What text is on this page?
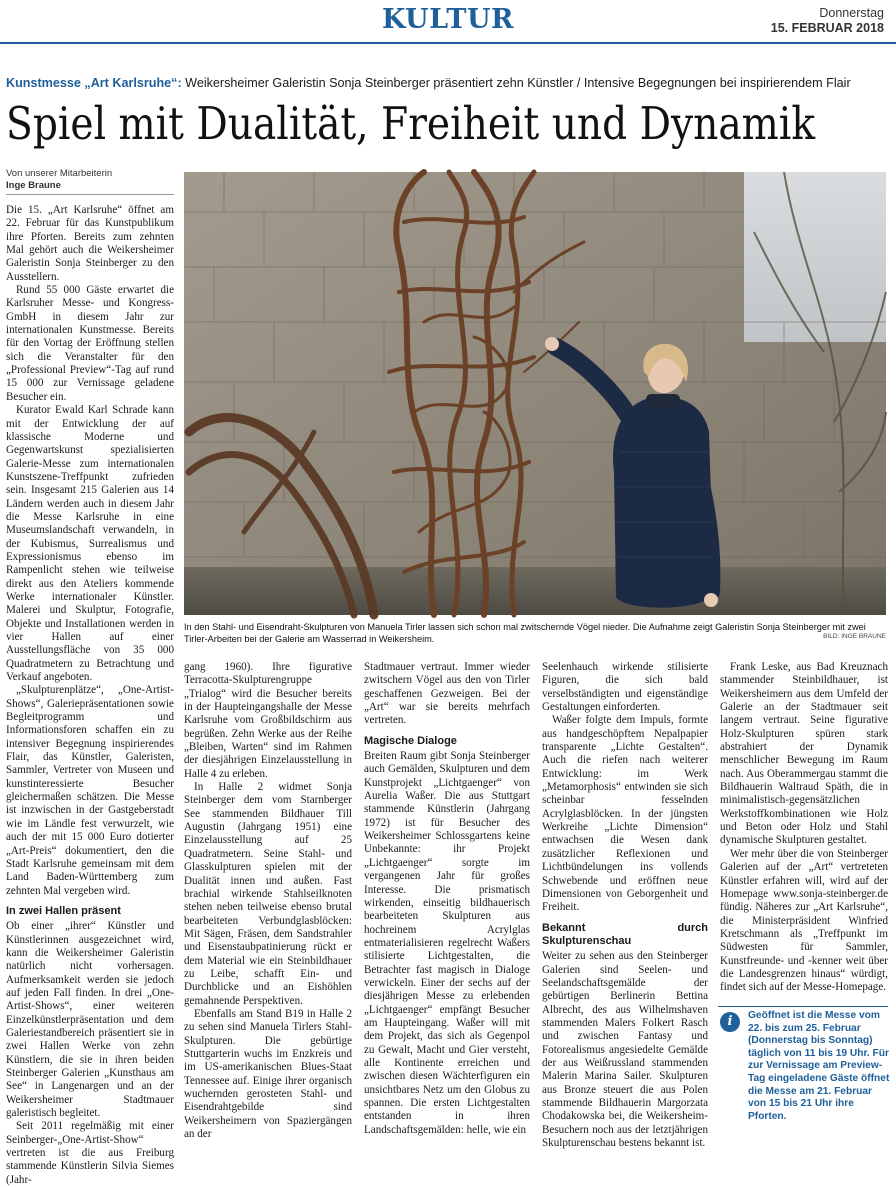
KULTUR	Donnerstag
15. FEBRUAR 2018
Kunstmesse „Art Karlsruhe“: Weikersheimer Galeristin Sonja Steinberger präsentiert zehn Künstler / Intensive Begegnungen bei inspirierendem Flair
Spiel mit Dualität, Freiheit und Dynamik
Von unserer Mitarbeiterin
Inge Braune
In den Stahl- und Eisendraht-Skulpturen von Manuela Tirler lassen sich schon mal zwitschernde Vögel nieder. Die Aufnahme zeigt Galeristin Sonja Steinberger mit zwei Tirler-Arbeiten bei der Galerie am Wasserrad in Weikersheim.	BILD: INGE BRAUNE

Die 15. „Art Karlsruhe“ öffnet am 22. Februar für das Kunstpublikum ihre Pforten. Bereits zum zehnten Mal gehört auch die Weikersheimer Galeristin Sonja Steinberger zu den Ausstellern.

Rund 55 000 Gäste erwartet die Karlsruher Messe- und Kongress-GmbH in diesem Jahr zur internationalen Kunstmesse. Bereits für den Vortag der Eröffnung stellen sich die Veranstalter für den „Professional Preview“-Tag auf rund 15 000 zur Vernissage geladene Besucher ein.

Kurator Ewald Karl Schrade kann mit der Entwicklung der auf klassische Moderne und Gegenwartskunst spezialisierten Galerie-Messe zum internationalen Kunstszene-Treffpunkt zufrieden sein. Insgesamt 215 Galerien aus 14 Ländern werden auch in diesem Jahr die Messe Karlsruhe in eine Museumslandschaft verwandeln, in der Kubismus, Surrealismus und Expressionismus ebenso im Rampenlicht stehen wie teilweise direkt aus den Ateliers kommende Werke internationaler Künstler. Malerei und Skulptur, Fotografie, Objekte und Installationen werden in vier Hallen auf einer Ausstellungsfläche von 35 000 Quadratmetern zu Betrachtung und Verkauf angeboten.

„Skulpturenplätze“, „One-Artist-Shows“, Galeriepräsentationen sowie Begleitprogramm und Informationsforen schaffen ein zu intensiver Begegnung inspirierendes Flair, das Künstler, Galeristen, Sammler, Vertreter von Museen und kunstinteressierte Besucher gleichermaßen schätzen. Die Messe ist inzwischen in der Gastgeberstadt wie im Ländle fest verwurzelt, wie auch der mit 15 000 Euro dotierter „Art-Preis“ dokumentiert, den die Stadt Karlsruhe gemeinsam mit dem Land Baden-Württemberg zum zehnten Mal vergeben wird.

In zwei Hallen präsent

Ob einer „ihrer“ Künstler und Künstlerinnen ausgezeichnet wird, kann die Weikersheimer Galeristin natürlich nicht vorhersagen. Aufmerksamkeit werden sie jedoch auf jeden Fall finden. In drei „One-Artist-Shows“, einer weiteren Einzelkünstlerpräsentation und dem Galeriestandbereich präsentiert sie in zwei Hallen Werke von zehn Künstlern, die sie in ihren beiden Steinberger Galerien „Kunsthaus am See“ in Langenargen und an der Weikersheimer Stadtmauer galeristisch begleitet.

Seit 2011 regelmäßig mit einer Seinberger-„One-Artist-Show“ vertreten ist die aus Freiburg stammende Künstlerin Silvia Siemes (Jahr-

gang 1960). Ihre figurative Terracotta-Skulpturengruppe „Trialog“ wird die Besucher bereits in der Haupteingangshalle der Messe Karlsruhe vom Großbildschirm aus begrüßen. Zehn Werke aus der Reihe „Bleiben, Warten“ sind im Rahmen der diesjährigen Einzelausstellung in Halle 4 zu erleben.

In Halle 2 widmet Sonja Steinberger dem vom Starnberger See stammenden Bildhauer Till Augustin (Jahrgang 1951) eine Einzelausstellung auf 25 Quadratmetern. Seine Stahl- und Glasskulpturen spielen mit der Dualität innen und außen. Fast brachial wirkende Stahlseilknoten stehen neben teilweise ebenso brutal bearbeiteten Verbundglasblöcken: Mit Sägen, Fräsen, dem Sandstrahler und Eisenstaubpatinierung rückt er dem Material wie ein Steinbildhauer zu Leibe, schafft Ein- und Durchblicke und an Eishöhlen gemahnende Perspektiven.

Ebenfalls am Stand B19 in Halle 2 zu sehen sind Manuela Tirlers Stahl-Skulpturen. Die gebürtige Stuttgarterin wuchs im Enzkreis und im US-amerikanischen Blues-Staat Tennessee auf. Einige ihrer organisch wuchernden gerosteten Stahl- und Eisendrahtgebilde sind Weikersheimern von Spaziergängen an der

Stadtmauer vertraut. Immer wieder zwitschern Vögel aus den von Tirler geschaffenen Gezweigen. Bei der „Art“ war sie bereits mehrfach vertreten.

Magische Dialoge

Breiten Raum gibt Sonja Steinberger auch Gemälden, Skulpturen und dem Kunstprojekt „Lichtgaenger“ von Aurelia Waßer. Die aus Stuttgart stammende Künstlerin (Jahrgang 1972) ist für Besucher des Weikersheimer Schlossgartens keine Unbekannte: ihr Projekt „Lichtgaenger“ sorgte im vergangenen Jahr für großes Interesse. Die prismatisch wirkenden, einseitig bildhauerisch bearbeiteten Skulpturen aus hochreinem Acrylglas entmaterialisieren regelrecht Waßers stilisierte Lichtgestalten, die Betrachter fast magisch in Dialoge verwickeln. Einer der sechs auf der diesjährigen Messe zu erlebenden „Lichtgaenger“ empfängt Besucher am Haupteingang. Waßer will mit dem Projekt, das sich als Gegenpol zu Gewalt, Macht und Gier versteht, alle Kontinente erreichen und zwischen diesen Wächterfiguren ein unsichtbares Netz um den Globus zu spannen. Die ersten Lichtgestalten entstanden in ihren Landschaftsgemälden: helle, wie ein

Seelenhauch wirkende stilisierte Figuren, die sich bald verselbständigten und eigenständige Gestaltungen einforderten.

Waßer folgte dem Impuls, formte aus handgeschöpftem Nepalpapier transparente „Lichte Gestalten“. Auch die riefen nach weiterer Entwicklung: im Werk „Metamorphosis“ entwinden sie sich scheinbar fesselnden Acrylglasblöcken. In der jüngsten Werkreihe „Lichte Dimension“ entwachsen die Wesen dank zusätzlicher Reflexionen und Lichtbündelungen ins vollends Schwebende und eröffnen neue Dimensionen von Geborgenheit und Freiheit.

Bekannt durch Skulpturenschau

Weiter zu sehen aus den Steinberger Galerien sind Seelen- und Seelandschaftsgemälde der gebürtigen Berlinerin Bettina Albrecht, des aus Wilhelmshaven stammenden Malers Folkert Rasch und zwischen Fantasy und Fotorealismus angesiedelte Gemälde der aus Weißrussland stammenden Malerin Marina Sailer. Skulpturen aus Bronze steuert die aus Polen stammende Bildhauerin Margorzata Chodakowska bei, die Weikersheim-Besuchern noch aus der letztjährigen Skulpturenschau bestens bekannt ist.

Frank Leske, aus Bad Kreuznach stammender Steinbildhauer, ist Weikersheimern aus dem Umfeld der Galerie an der Stadtmauer seit langem vertraut. Seine figurative Holz-Skulpturen spüren stark abstrahiert der Dynamik menschlicher Bewegung im Raum nach. Aus Oberammergau stammt die Bildhauerin Waltraud Späth, die in minimalistisch-gegensätzlichen Werkstoffkombinationen wie Holz und Beton oder Holz und Stahl dynamische Skulpturen gestaltet.

Wer mehr über die von Steinberger Galerien auf der „Art“ vertreteten Künstler erfahren will, wird auf der Homepage www.sonja-steinberger.de fündig. Näheres zur „Art Karlsruhe“, die Ministerpräsident Winfried Kretschmann als „Treffpunkt im Südwesten für Sammler, Kunstfreunde- und -kenner weit über die Landesgrenzen hinaus“ würdigt, findet sich auf der Messe-Homepage.

i	Geöffnet ist die Messe vom 22. bis zum 25. Februar (Donnerstag bis Sonntag) täglich von 11 bis 19 Uhr. Für zur Vernissage am Preview-Tag eingeladene Gäste öffnet die Messe am 21. Februar von 15 bis 21 Uhr ihre Pforten.
